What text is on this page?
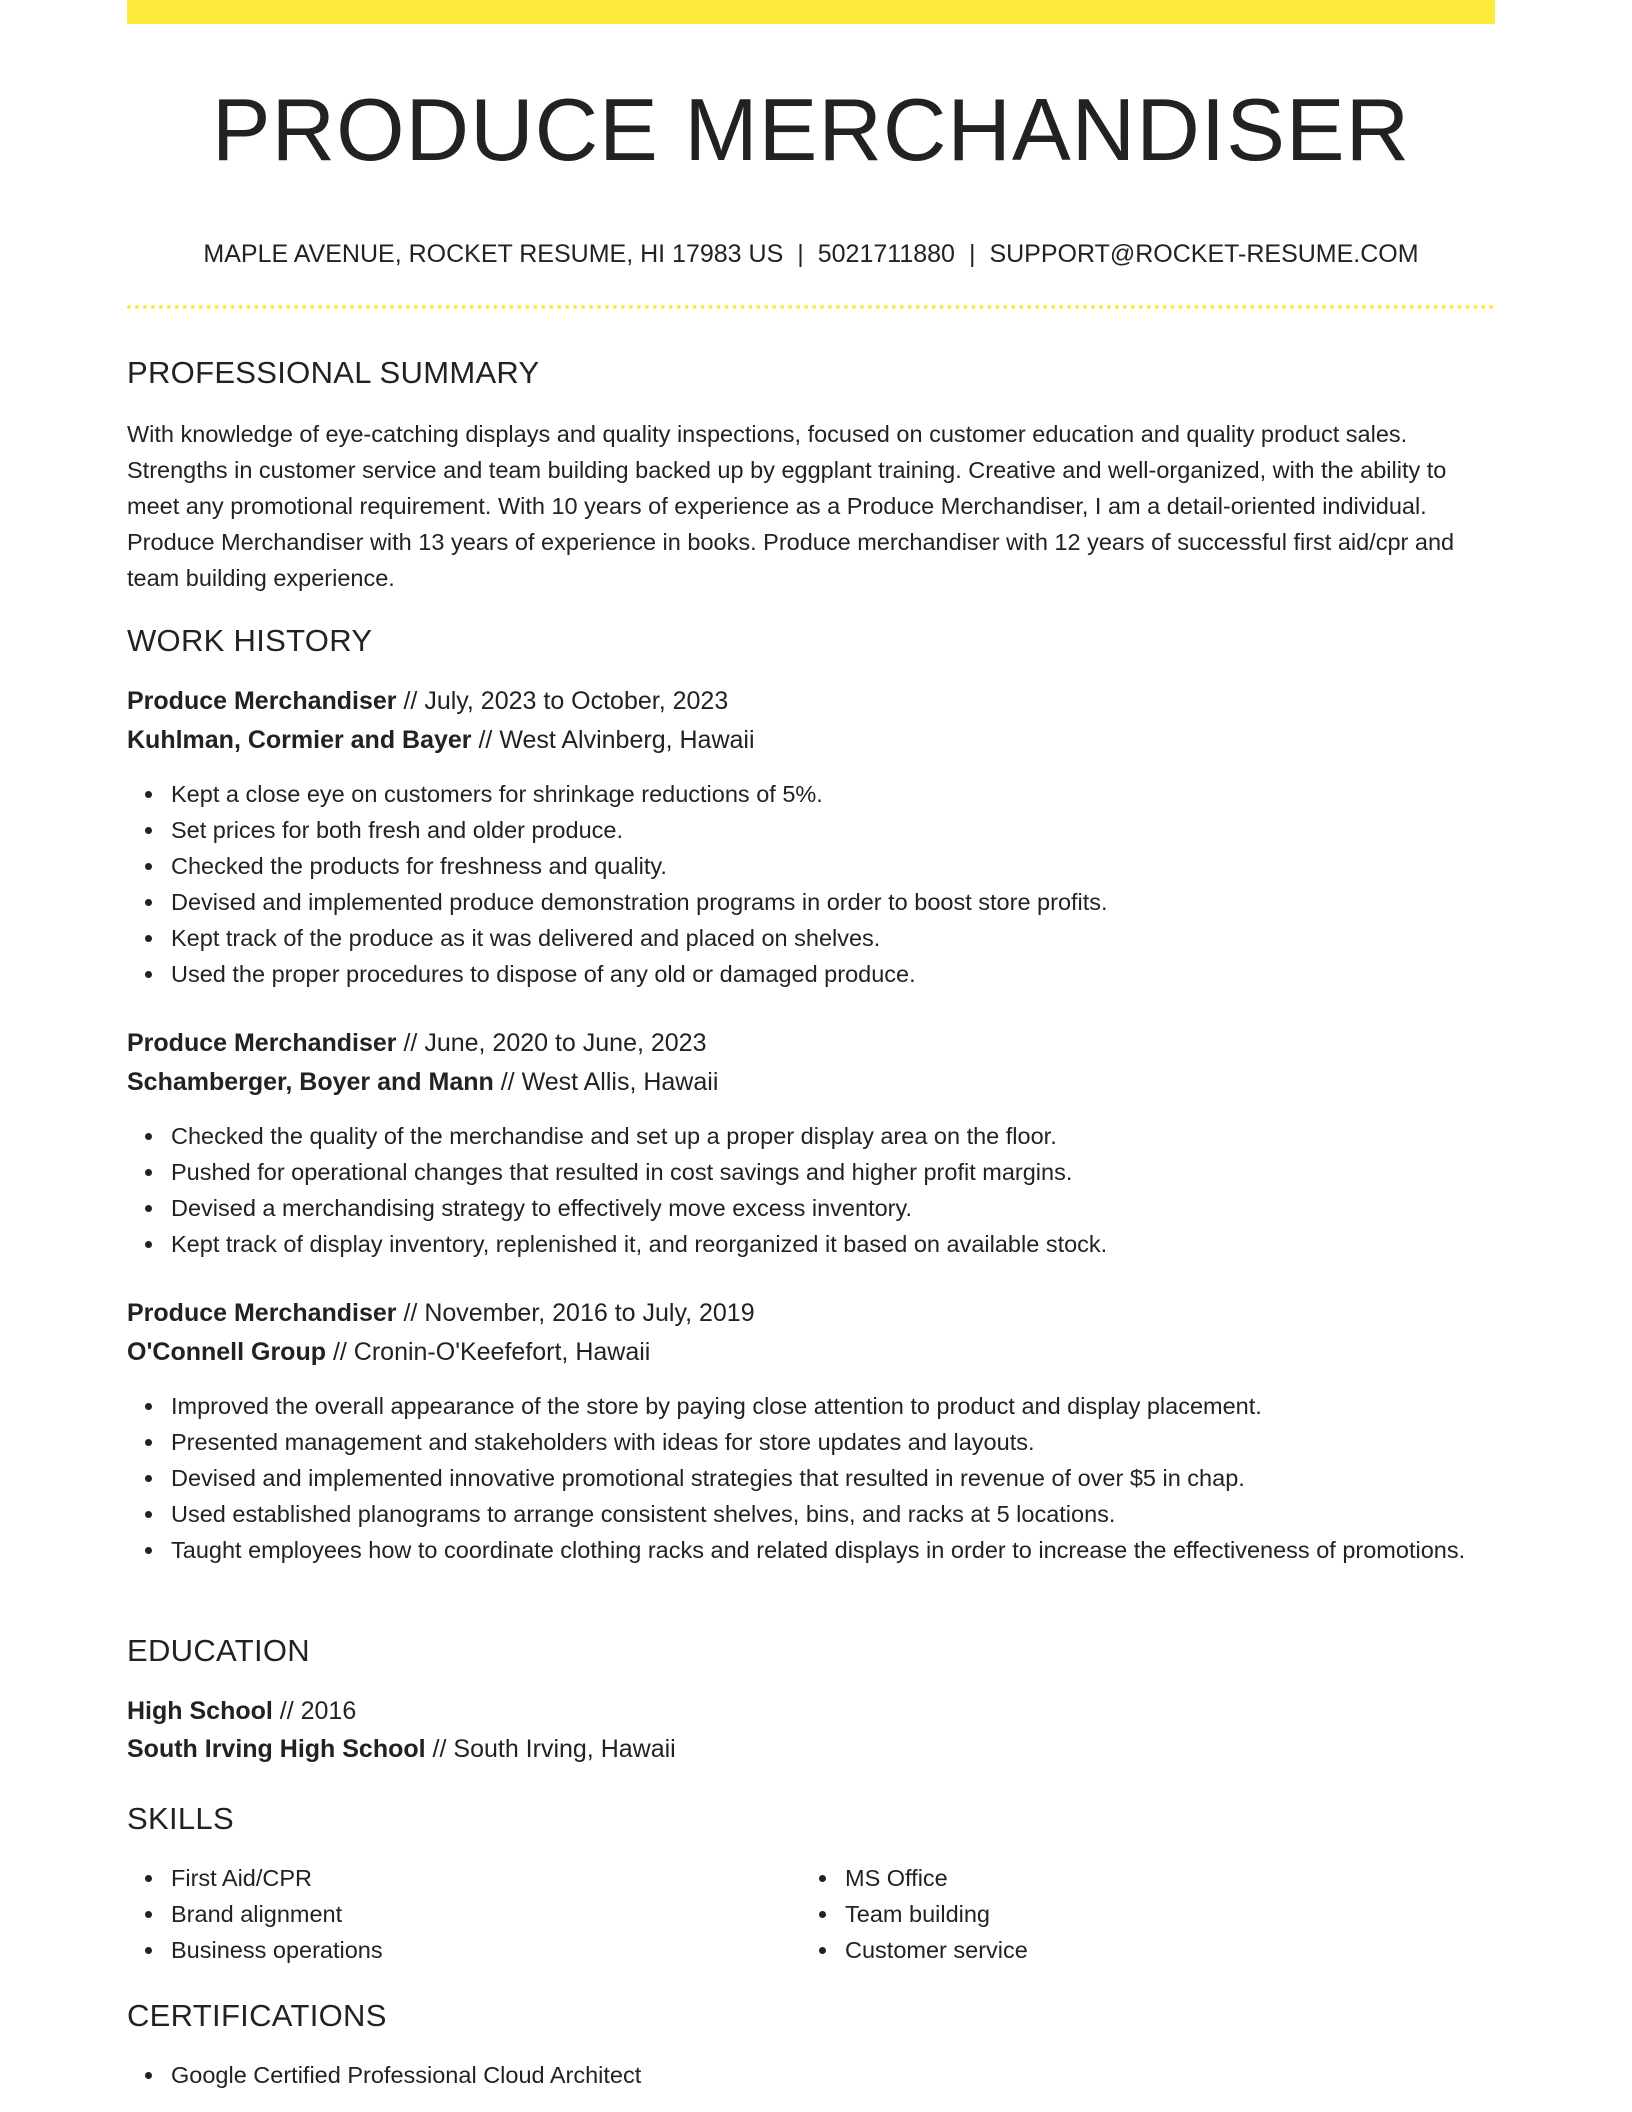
PRODUCE MERCHANDISER
MAPLE AVENUE, ROCKET RESUME, HI 17983 US | 5021711880 | SUPPORT@ROCKET-RESUME.COM
PROFESSIONAL SUMMARY

With knowledge of eye-catching displays and quality inspections, focused on customer education and quality product sales. Strengths in customer service and team building backed up by eggplant training. Creative and well-organized, with the ability to meet any promotional requirement. With 10 years of experience as a Produce Merchandiser, I am a detail-oriented individual. Produce Merchandiser with 13 years of experience in books. Produce merchandiser with 12 years of successful first aid/cpr and team building experience.

WORK HISTORY
Produce Merchandiser // July, 2023 to October, 2023
Kuhlman, Cormier and Bayer // West Alvinberg, Hawaii
Kept a close eye on customers for shrinkage reductions of 5%.
Set prices for both fresh and older produce.
Checked the products for freshness and quality.
Devised and implemented produce demonstration programs in order to boost store profits.
Kept track of the produce as it was delivered and placed on shelves.
Used the proper procedures to dispose of any old or damaged produce.
Produce Merchandiser // June, 2020 to June, 2023
Schamberger, Boyer and Mann // West Allis, Hawaii
Checked the quality of the merchandise and set up a proper display area on the floor.
Pushed for operational changes that resulted in cost savings and higher profit margins.
Devised a merchandising strategy to effectively move excess inventory.
Kept track of display inventory, replenished it, and reorganized it based on available stock.
Produce Merchandiser // November, 2016 to July, 2019
O'Connell Group // Cronin-O'Keefefort, Hawaii
Improved the overall appearance of the store by paying close attention to product and display placement.
Presented management and stakeholders with ideas for store updates and layouts.
Devised and implemented innovative promotional strategies that resulted in revenue of over $5 in chap.
Used established planograms to arrange consistent shelves, bins, and racks at 5 locations.
Taught employees how to coordinate clothing racks and related displays in order to increase the effectiveness of promotions.
EDUCATION
High School // 2016
South Irving High School // South Irving, Hawaii
SKILLS
First Aid/CPR
Brand alignment
Business operations
MS Office
Team building
Customer service
CERTIFICATIONS
Google Certified Professional Cloud Architect
